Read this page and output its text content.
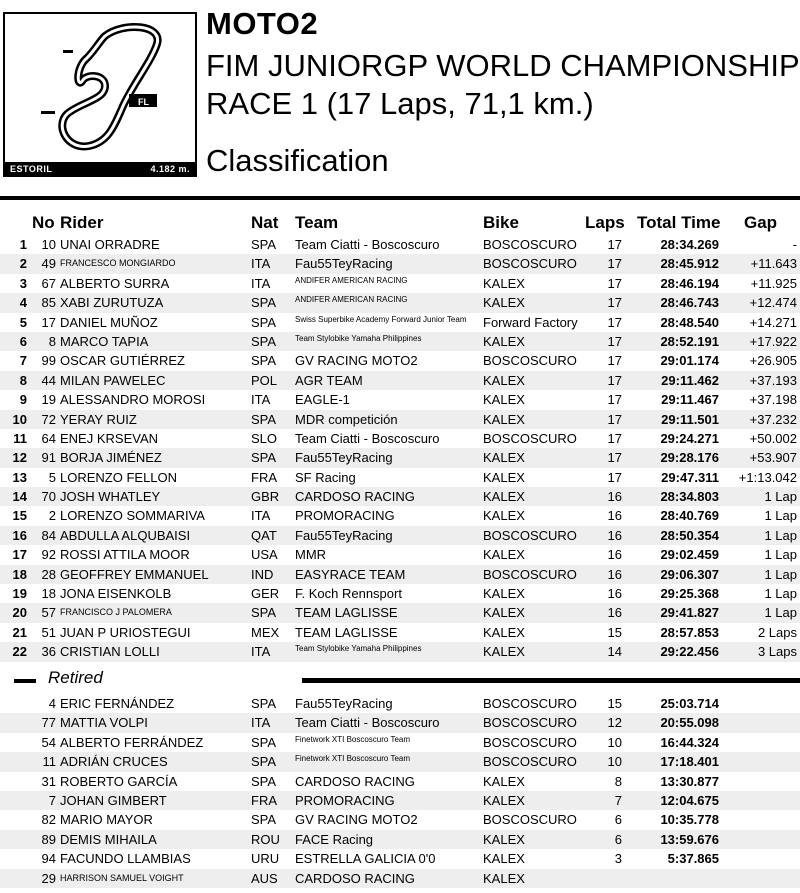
FL
ESTORIL	4.182 m.
MOTO2
FIM JUNIORGP WORLD CHAMPIONSHIP
RACE 1 (17 Laps, 71,1 km.)
Classification
No Rider	Nat Team	Bike	Laps Total Time Gap
1	10 UNAI ORRADRE	SPA Team Ciatti - Boscoscuro	BOSCOSCURO	17	28:34.269	-
2	49 FRANCESCO MONGIARDO	ITA Fau55TeyRacing	BOSCOSCURO	17	28:45.912	+11.643
3	67 ALBERTO SURRA	ITA	ANDIFER AMERICAN RACING	KALEX	17	28:46.194	+11.925
4	85 XABI ZURUTUZA	SPA ANDIFER AMERICAN RACING	KALEX	17	28:46.743	+12.474
5	17 DANIEL MUÑOZ	SPA Swiss Superbike Academy Forward Junior Team	Forward Factory	17	28:48.540	+14.271
6	8 MARCO TAPIA	SPA Team Stylobike Yamaha Philippines	KALEX	17	28:52.191	+17.922
7	99 OSCAR GUTIÉRREZ	SPA GV RACING MOTO2	BOSCOSCURO	17	29:01.174	+26.905
8	44 MILAN PAWELEC	POL AGR TEAM	KALEX	17	29:11.462	+37.193
9	19 ALESSANDRO MOROSI	ITA EAGLE-1	KALEX	17	29:11.467	+37.198
10	72 YERAY RUIZ	SPA MDR competición	KALEX	17	29:11.501	+37.232
11	64 ENEJ KRSEVAN	SLO Team Ciatti - Boscoscuro	BOSCOSCURO	17	29:24.271	+50.002
12	91 BORJA JIMÉNEZ	SPA Fau55TeyRacing	KALEX	17	29:28.176	+53.907
13	5 LORENZO FELLON	FRA SF Racing	KALEX	17	29:47.311	+1:13.042
14	70 JOSH WHATLEY	GBR CARDOSO RACING	KALEX	16	28:34.803	1 Lap
15	2 LORENZO SOMMARIVA	ITA PROMORACING	KALEX	16	28:40.769	1 Lap
16	84 ABDULLA ALQUBAISI	QAT Fau55TeyRacing	BOSCOSCURO	16	28:50.354	1 Lap
17	92 ROSSI ATTILA MOOR	USA MMR	KALEX	16	29:02.459	1 Lap
18	28 GEOFFREY EMMANUEL	IND EASYRACE TEAM	BOSCOSCURO	16	29:06.307	1 Lap
19	18 JONA EISENKOLB	GER F. Koch Rennsport	KALEX	16	29:25.368	1 Lap
20	57 FRANCISCO J PALOMERA	SPA TEAM LAGLISSE	KALEX	16	29:41.827	1 Lap
21	51 JUAN P URIOSTEGUI	MEX TEAM LAGLISSE	KALEX	15	28:57.853	2 Laps
22	36 CRISTIAN LOLLI	ITA	Team Stylobike Yamaha Philippines	KALEX	14	29:22.456	3 Laps
Retired
4 ERIC FERNÁNDEZ	SPA Fau55TeyRacing	BOSCOSCURO	15	25:03.714
77 MATTIA VOLPI	ITA Team Ciatti - Boscoscuro	BOSCOSCURO	12	20:55.098
54 ALBERTO FERRÁNDEZ	SPA Finetwork XTI Boscoscuro Team	BOSCOSCURO	10	16:44.324
11 ADRIÁN CRUCES	SPA Finetwork XTI Boscoscuro Team	BOSCOSCURO	10	17:18.401
31 ROBERTO GARCÍA	SPA CARDOSO RACING	KALEX	8	13:30.877
7 JOHAN GIMBERT	FRA PROMORACING	KALEX	7	12:04.675
82 MARIO MAYOR	SPA GV RACING MOTO2	BOSCOSCURO	6	10:35.778
89 DEMIS MIHAILA	ROU FACE Racing	KALEX	6	13:59.676
94 FACUNDO LLAMBIAS	URU ESTRELLA GALICIA 0'0	KALEX	3	5:37.865
29 HARRISON SAMUEL VOIGHT	AUS CARDOSO RACING	KALEX
